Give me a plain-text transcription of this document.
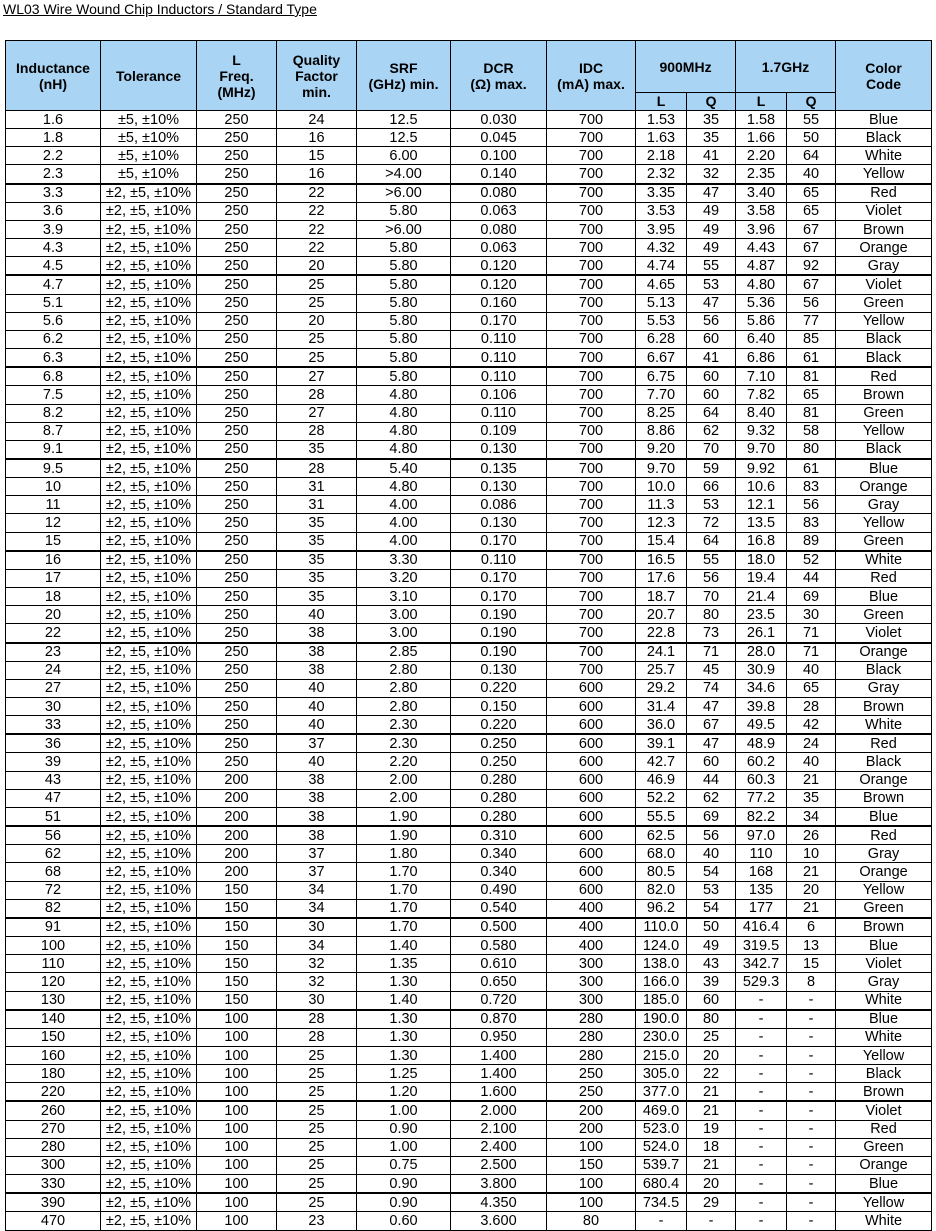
WL03 Wire Wound Chip Inductors / Standard Type
Inductance
(nH)	Tolerance	L
Freq.
(MHz)	Quality
Factor
min.	SRF
(GHz) min.	DCR
(Ω) max.	IDC
(mA) max.	900MHz		1.7GHz		Color
Code
							L	Q	L	Q	
1.6	±5, ±10%	250	24	12.5	0.030	700	1.53	35	1.58	55	Blue
1.8	±5, ±10%	250	16	12.5	0.045	700	1.63	35	1.66	50	Black
2.2	±5, ±10%	250	15	6.00	0.100	700	2.18	41	2.20	64	White
2.3	±5, ±10%	250	16	>4.00	0.140	700	2.32	32	2.35	40	Yellow
3.3	±2, ±5, ±10%	250	22	>6.00	0.080	700	3.35	47	3.40	65	Red
3.6	±2, ±5, ±10%	250	22	5.80	0.063	700	3.53	49	3.58	65	Violet
3.9	±2, ±5, ±10%	250	22	>6.00	0.080	700	3.95	49	3.96	67	Brown
4.3	±2, ±5, ±10%	250	22	5.80	0.063	700	4.32	49	4.43	67	Orange
4.5	±2, ±5, ±10%	250	20	5.80	0.120	700	4.74	55	4.87	92	Gray
4.7	±2, ±5, ±10%	250	25	5.80	0.120	700	4.65	53	4.80	67	Violet
5.1	±2, ±5, ±10%	250	25	5.80	0.160	700	5.13	47	5.36	56	Green
5.6	±2, ±5, ±10%	250	20	5.80	0.170	700	5.53	56	5.86	77	Yellow
6.2	±2, ±5, ±10%	250	25	5.80	0.110	700	6.28	60	6.40	85	Black
6.3	±2, ±5, ±10%	250	25	5.80	0.110	700	6.67	41	6.86	61	Black
6.8	±2, ±5, ±10%	250	27	5.80	0.110	700	6.75	60	7.10	81	Red
7.5	±2, ±5, ±10%	250	28	4.80	0.106	700	7.70	60	7.82	65	Brown
8.2	±2, ±5, ±10%	250	27	4.80	0.110	700	8.25	64	8.40	81	Green
8.7	±2, ±5, ±10%	250	28	4.80	0.109	700	8.86	62	9.32	58	Yellow
9.1	±2, ±5, ±10%	250	35	4.80	0.130	700	9.20	70	9.70	80	Black
9.5	±2, ±5, ±10%	250	28	5.40	0.135	700	9.70	59	9.92	61	Blue
10	±2, ±5, ±10%	250	31	4.80	0.130	700	10.0	66	10.6	83	Orange
11	±2, ±5, ±10%	250	31	4.00	0.086	700	11.3	53	12.1	56	Gray
12	±2, ±5, ±10%	250	35	4.00	0.130	700	12.3	72	13.5	83	Yellow
15	±2, ±5, ±10%	250	35	4.00	0.170	700	15.4	64	16.8	89	Green
16	±2, ±5, ±10%	250	35	3.30	0.110	700	16.5	55	18.0	52	White
17	±2, ±5, ±10%	250	35	3.20	0.170	700	17.6	56	19.4	44	Red
18	±2, ±5, ±10%	250	35	3.10	0.170	700	18.7	70	21.4	69	Blue
20	±2, ±5, ±10%	250	40	3.00	0.190	700	20.7	80	23.5	30	Green
22	±2, ±5, ±10%	250	38	3.00	0.190	700	22.8	73	26.1	71	Violet
23	±2, ±5, ±10%	250	38	2.85	0.190	700	24.1	71	28.0	71	Orange
24	±2, ±5, ±10%	250	38	2.80	0.130	700	25.7	45	30.9	40	Black
27	±2, ±5, ±10%	250	40	2.80	0.220	600	29.2	74	34.6	65	Gray
30	±2, ±5, ±10%	250	40	2.80	0.150	600	31.4	47	39.8	28	Brown
33	±2, ±5, ±10%	250	40	2.30	0.220	600	36.0	67	49.5	42	White
36	±2, ±5, ±10%	250	37	2.30	0.250	600	39.1	47	48.9	24	Red
39	±2, ±5, ±10%	250	40	2.20	0.250	600	42.7	60	60.2	40	Black
43	±2, ±5, ±10%	200	38	2.00	0.280	600	46.9	44	60.3	21	Orange
47	±2, ±5, ±10%	200	38	2.00	0.280	600	52.2	62	77.2	35	Brown
51	±2, ±5, ±10%	200	38	1.90	0.280	600	55.5	69	82.2	34	Blue
56	±2, ±5, ±10%	200	38	1.90	0.310	600	62.5	56	97.0	26	Red
62	±2, ±5, ±10%	200	37	1.80	0.340	600	68.0	40	110	10	Gray
68	±2, ±5, ±10%	200	37	1.70	0.340	600	80.5	54	168	21	Orange
72	±2, ±5, ±10%	150	34	1.70	0.490	600	82.0	53	135	20	Yellow
82	±2, ±5, ±10%	150	34	1.70	0.540	400	96.2	54	177	21	Green
91	±2, ±5, ±10%	150	30	1.70	0.500	400	110.0	50	416.4	6	Brown
100	±2, ±5, ±10%	150	34	1.40	0.580	400	124.0	49	319.5	13	Blue
110	±2, ±5, ±10%	150	32	1.35	0.610	300	138.0	43	342.7	15	Violet
120	±2, ±5, ±10%	150	32	1.30	0.650	300	166.0	39	529.3	8	Gray
130	±2, ±5, ±10%	150	30	1.40	0.720	300	185.0	60	-	-	White
140	±2, ±5, ±10%	100	28	1.30	0.870	280	190.0	80	-	-	Blue
150	±2, ±5, ±10%	100	28	1.30	0.950	280	230.0	25	-	-	White
160	±2, ±5, ±10%	100	25	1.30	1.400	280	215.0	20	-	-	Yellow
180	±2, ±5, ±10%	100	25	1.25	1.400	250	305.0	22	-	-	Black
220	±2, ±5, ±10%	100	25	1.20	1.600	250	377.0	21	-	-	Brown
260	±2, ±5, ±10%	100	25	1.00	2.000	200	469.0	21	-	-	Violet
270	±2, ±5, ±10%	100	25	0.90	2.100	200	523.0	19	-	-	Red
280	±2, ±5, ±10%	100	25	1.00	2.400	100	524.0	18	-	-	Green
300	±2, ±5, ±10%	100	25	0.75	2.500	150	539.7	21	-	-	Orange
330	±2, ±5, ±10%	100	25	0.90	3.800	100	680.4	20	-	-	Blue
390	±2, ±5, ±10%	100	25	0.90	4.350	100	734.5	29	-	-	Yellow
470	±2, ±5, ±10%	100	23	0.60	3.600	80	-	-	-	-	White
